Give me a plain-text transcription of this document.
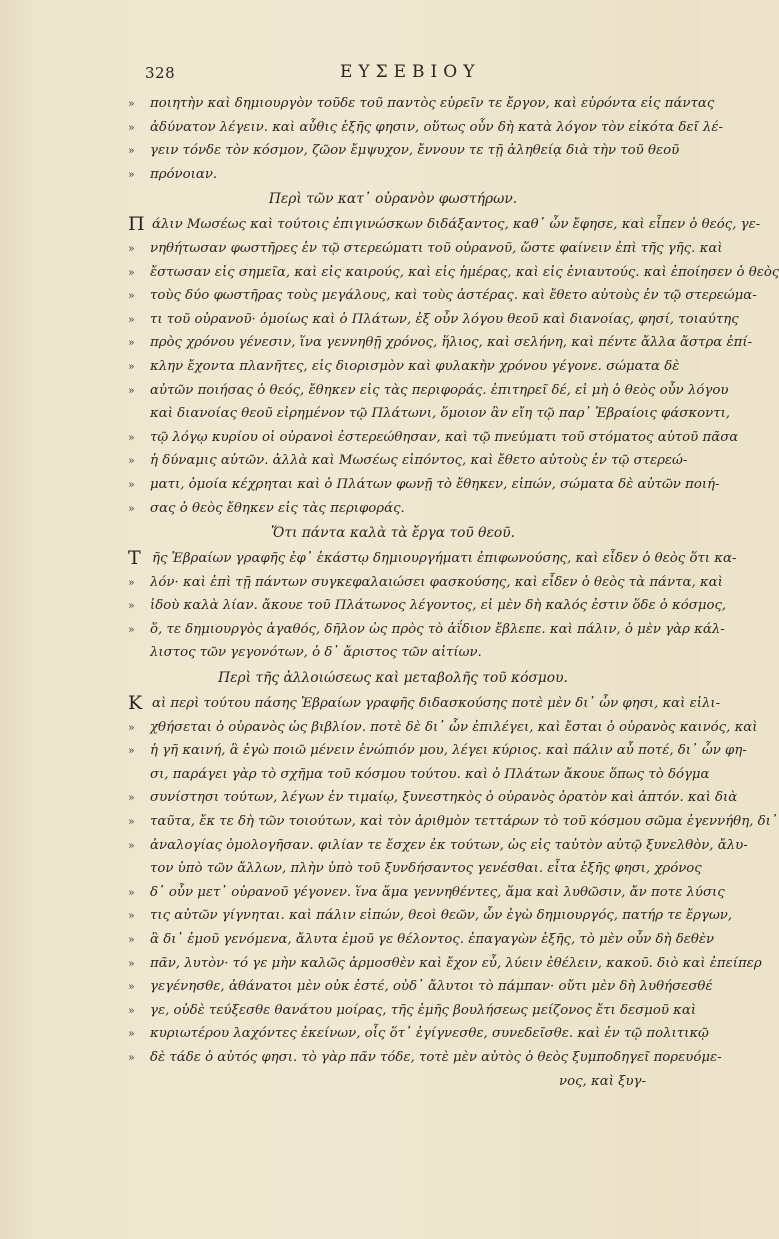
328	ΕΥΣΕΒΙΟΥ
»	ποιητὴν καὶ δημιουργὸν τοῦδε τοῦ παντὸς εὑρεῖν τε ἔργον, καὶ εὑρόντα εἰς πάντας
»	ἀδύνατον λέγειν. καὶ αὖθις ἑξῆς φησιν, οὕτως οὖν δὴ κατὰ λόγον τὸν εἰκότα δεῖ λέ-
»	γειν τόνδε τὸν κόσμον, ζῶον ἔμψυχον, ἔννουν τε τῇ ἀληθείᾳ διὰ τὴν τοῦ θεοῦ
»	πρόνοιαν.
Περὶ τῶν κατ᾽ οὐρανὸν φωστήρων.
Π άλιν Μωσέως καὶ τούτοις ἐπιγινώσκων διδάξαντος, καθ᾽ ὧν ἔφησε, καὶ εἶπεν ὁ θεός, γε-
»	νηθήτωσαν φωστῆρες ἐν τῷ στερεώματι τοῦ οὐρανοῦ, ὥστε φαίνειν ἐπὶ τῆς γῆς. καὶ
»	ἔστωσαν εἰς σημεῖα, καὶ εἰς καιρούς, καὶ εἰς ἡμέρας, καὶ εἰς ἐνιαυτούς. καὶ ἐποίησεν ὁ θεὸς
»	τοὺς δύο φωστῆρας τοὺς μεγάλους, καὶ τοὺς ἀστέρας. καὶ ἔθετο αὐτοὺς ἐν τῷ στερεώμα-
»	τι τοῦ οὐρανοῦ· ὁμοίως καὶ ὁ Πλάτων, ἐξ οὖν λόγου θεοῦ καὶ διανοίας, φησί, τοιαύτης
»	πρὸς χρόνου γένεσιν, ἵνα γεννηθῇ χρόνος, ἥλιος, καὶ σελήνη, καὶ πέντε ἄλλα ἄστρα ἐπί-
»	κλην ἔχοντα πλανῆτες, εἰς διορισμὸν καὶ φυλακὴν χρόνου γέγονε. σώματα δὲ
»	αὐτῶν ποιήσας ὁ θεός, ἔθηκεν εἰς τὰς περιφοράς. ἐπιτηρεῖ δέ, εἰ μὴ ὁ θεὸς οὖν λόγου
καὶ διανοίας θεοῦ εἰρημένον τῷ Πλάτωνι, ὅμοιον ἂν εἴη τῷ παρ᾽ Ἑβραίοις φάσκοντι,
»	τῷ λόγῳ κυρίου οἱ οὐρανοὶ ἐστερεώθησαν, καὶ τῷ πνεύματι τοῦ στόματος αὐτοῦ πᾶσα
»	ἡ δύναμις αὐτῶν. ἀλλὰ καὶ Μωσέως εἰπόντος, καὶ ἔθετο αὐτοὺς ἐν τῷ στερεώ-
»	ματι, ὁμοία κέχρηται καὶ ὁ Πλάτων φωνῇ τὸ ἔθηκεν, εἰπών, σώματα δὲ αὐτῶν ποιή-
»	σας ὁ θεὸς ἔθηκεν εἰς τὰς περιφοράς.
Ὅτι πάντα καλὰ τὰ ἔργα τοῦ θεοῦ.
Τ ῆς Ἑβραίων γραφῆς ἐφ᾽ ἑκάστῳ δημιουργήματι ἐπιφωνούσης, καὶ εἶδεν ὁ θεὸς ὅτι κα-
»	λόν· καὶ ἐπὶ τῇ πάντων συγκεφαλαιώσει φασκούσης, καὶ εἶδεν ὁ θεὸς τὰ πάντα, καὶ
»	ἰδοὺ καλὰ λίαν. ἄκουε τοῦ Πλάτωνος λέγοντος, εἰ μὲν δὴ καλός ἐστιν ὅδε ὁ κόσμος,
»	ὅ, τε δημιουργὸς ἀγαθός, δῆλον ὡς πρὸς τὸ ἀΐδιον ἔβλεπε. καὶ πάλιν, ὁ μὲν γὰρ κάλ-
λιστος τῶν γεγονότων, ὁ δ᾽ ἄριστος τῶν αἰτίων.
Περὶ τῆς ἀλλοιώσεως καὶ μεταβολῆς τοῦ κόσμου.
Κ αὶ περὶ τούτου πάσης Ἑβραίων γραφῆς διδασκούσης ποτὲ μὲν δι᾽ ὧν φησι, καὶ εἱλι-
»	χθήσεται ὁ οὐρανὸς ὡς βιβλίον. ποτὲ δὲ δι᾽ ὧν ἐπιλέγει, καὶ ἔσται ὁ οὐρανὸς καινός, καὶ
»	ἡ γῆ καινή, ἃ ἐγὼ ποιῶ μένειν ἐνώπιόν μου, λέγει κύριος. καὶ πάλιν αὖ ποτέ, δι᾽ ὧν φη-
σι, παράγει γὰρ τὸ σχῆμα τοῦ κόσμου τούτου. καὶ ὁ Πλάτων ἄκουε ὅπως τὸ δόγμα
»	συνίστησι τούτων, λέγων ἐν τιμαίῳ, ξυνεστηκὸς ὁ οὐρανὸς ὁρατὸν καὶ ἁπτόν. καὶ διὰ
»	ταῦτα, ἔκ τε δὴ τῶν τοιούτων, καὶ τὸν ἀριθμὸν τεττάρων τὸ τοῦ κόσμου σῶμα ἐγεννήθη, δι᾽
»	ἀναλογίας ὁμολογῆσαν. φιλίαν τε ἔσχεν ἐκ τούτων, ὡς εἰς ταὐτὸν αὐτῷ ξυνελθὸν, ἄλυ-
τον ὑπὸ τῶν ἄλλων, πλὴν ὑπὸ τοῦ ξυνδήσαντος γενέσθαι. εἶτα ἑξῆς φησι, χρόνος
»	δ᾽ οὖν μετ᾽ οὐρανοῦ γέγονεν. ἵνα ἅμα γεννηθέντες, ἅμα καὶ λυθῶσιν, ἄν ποτε λύσις
»	τις αὐτῶν γίγνηται. καὶ πάλιν εἰπών, θεοὶ θεῶν, ὧν ἐγὼ δημιουργός, πατήρ τε ἔργων,
»	ἃ δι᾽ ἐμοῦ γενόμενα, ἄλυτα ἐμοῦ γε θέλοντος. ἐπαγαγὼν ἑξῆς, τὸ μὲν οὖν δὴ δεθὲν
»	πᾶν, λυτὸν· τό γε μὴν καλῶς ἁρμοσθὲν καὶ ἔχον εὖ, λύειν ἐθέλειν, κακοῦ. διὸ καὶ ἐπείπερ
»	γεγένησθε, ἀθάνατοι μὲν οὐκ ἐστέ, οὐδ᾽ ἄλυτοι τὸ πάμπαν· οὔτι μὲν δὴ λυθήσεσθέ
»	γε, οὐδὲ τεύξεσθε θανάτου μοίρας, τῆς ἐμῆς βουλήσεως μείζονος ἔτι δεσμοῦ καὶ
»	κυριωτέρου λαχόντες ἐκείνων, οἷς ὅτ᾽ ἐγίγνεσθε, συνεδεῖσθε. καὶ ἐν τῷ πολιτικῷ
»	δὲ τάδε ὁ αὐτός φησι. τὸ γὰρ πᾶν τόδε, τοτὲ μὲν αὐτὸς ὁ θεὸς ξυμποδηγεῖ πορευόμε-
νος, καὶ ξυγ-
